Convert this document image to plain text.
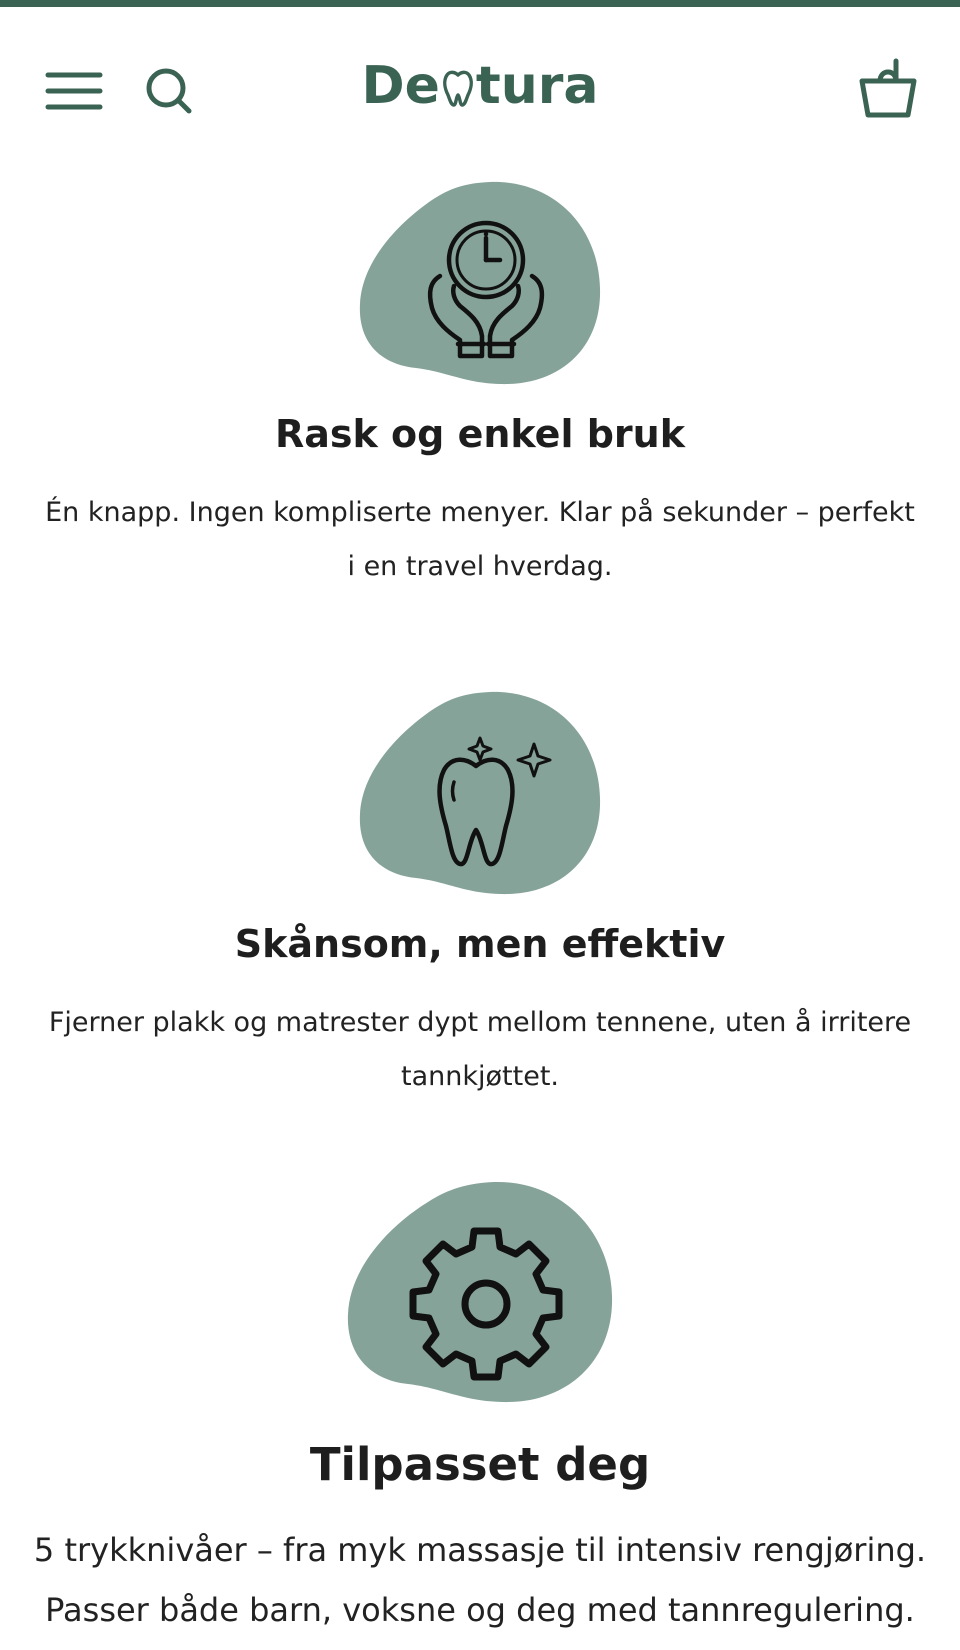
De tura
Rask og enkel bruk
Én knapp. Ingen kompliserte menyer. Klar på sekunder – perfekt i en travel hverdag.
Skånsom, men effektiv
Fjerner plakk og matrester dypt mellom tennene, uten å irritere tannkjøttet.
Tilpasset deg
5 trykknivåer – fra myk massasje til intensiv rengjøring. Passer både barn, voksne og deg med tannregulering.
